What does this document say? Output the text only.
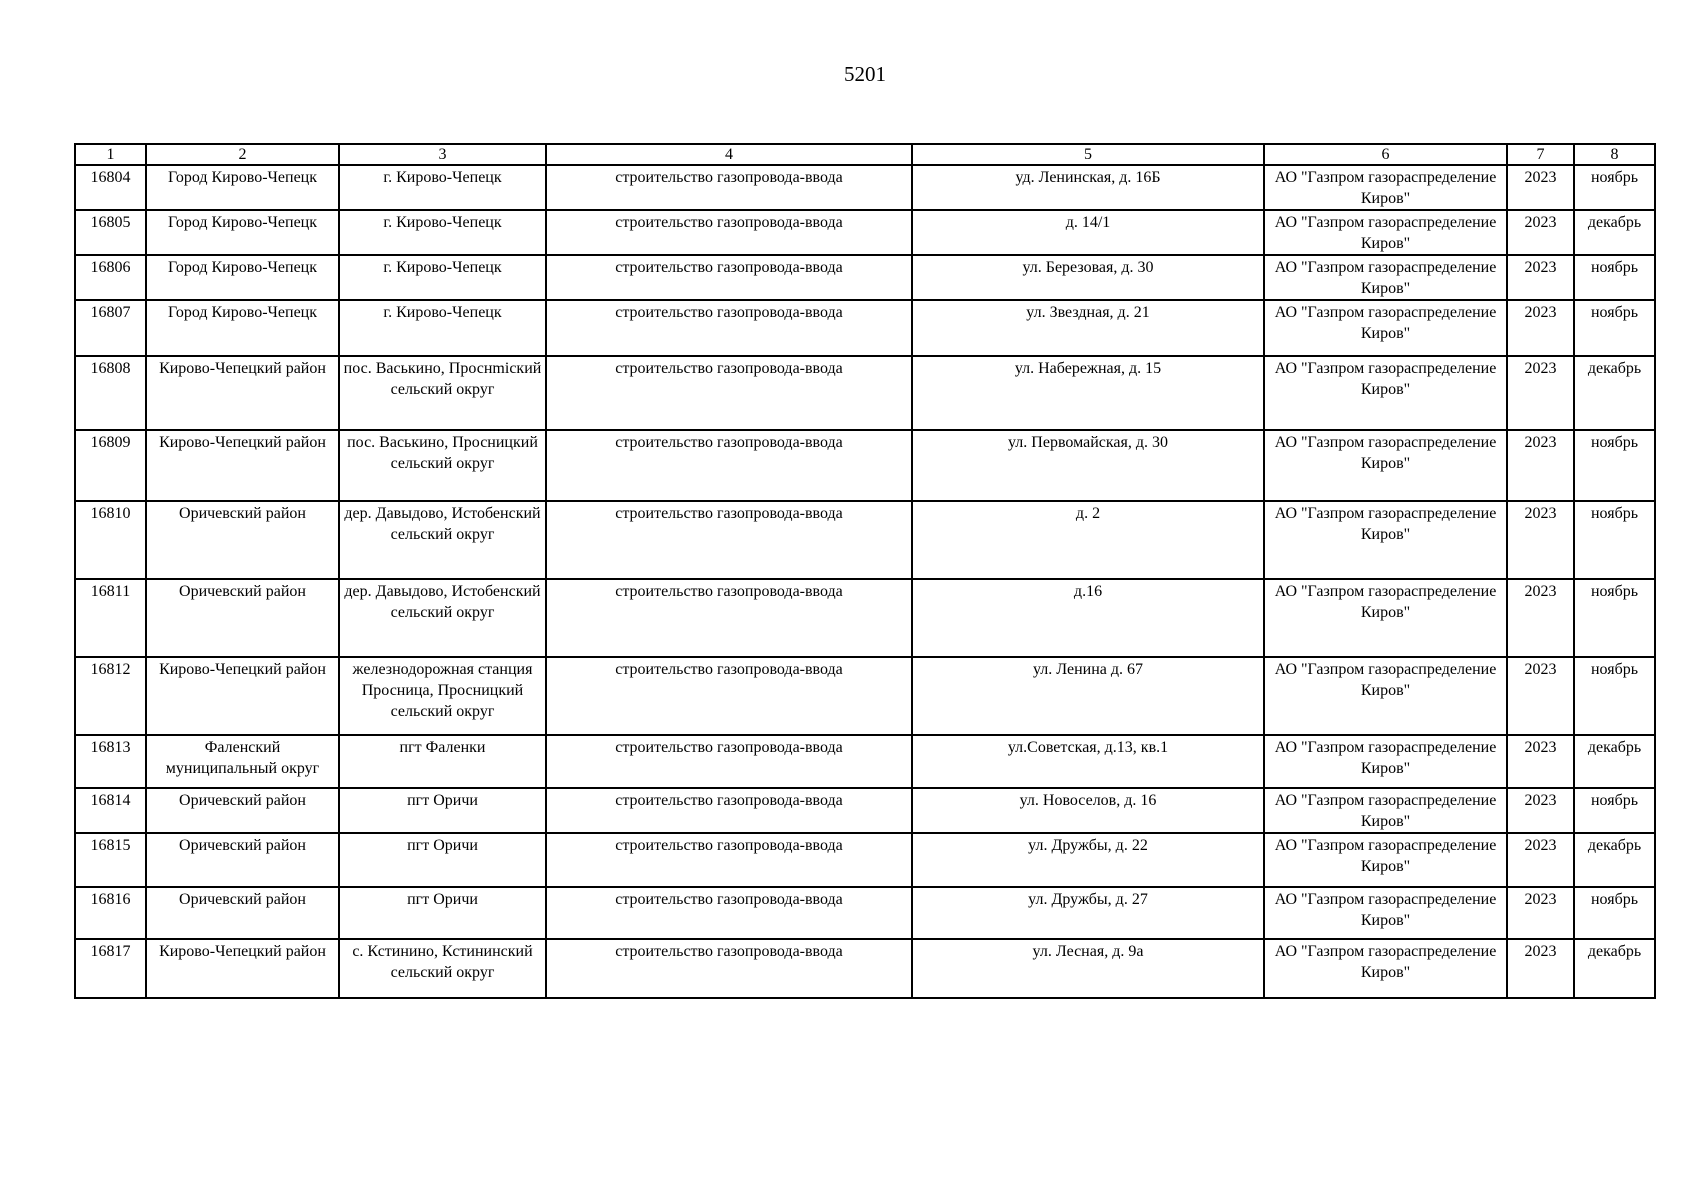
5201
1	2	3	4	5	6	7	8
16804	Город Кирово-Чепецк	г. Кирово-Чепецк	строительство газопровода-ввода	уд. Ленинская, д. 16Б	АО "Газпром газораспределение Киров"	2023	ноябрь
16805	Город Кирово-Чепецк	г. Кирово-Чепецк	строительство газопровода-ввода	д. 14/1	АО "Газпром газораспределение Киров"	2023	декабрь
16806	Город Кирово-Чепецк	г. Кирово-Чепецк	строительство газопровода-ввода	ул. Березовая, д. 30	АО "Газпром газораспределение Киров"	2023	ноябрь
16807	Город Кирово-Чепецк	г. Кирово-Чепецк	строительство газопровода-ввода	ул. Звездная, д. 21	АО "Газпром газораспределение Киров"	2023	ноябрь
16808	Кирово-Чепецкий район	пос. Васькино, Проснmicкий сельский округ	строительство газопровода-ввода	ул. Набережная, д. 15	АО "Газпром газораспределение Киров"	2023	декабрь
16809	Кирово-Чепецкий район	пос. Васькино, Просницкий сельский округ	строительство газопровода-ввода	ул. Первомайская, д. 30	АО "Газпром газораспределение Киров"	2023	ноябрь
16810	Оричевский район	дер. Давыдово, Истобенский сельский округ	строительство газопровода-ввода	д. 2	АО "Газпром газораспределение Киров"	2023	ноябрь
16811	Оричевский район	дер. Давыдово, Истобенский сельский округ	строительство газопровода-ввода	д.16	АО "Газпром газораспределение Киров"	2023	ноябрь
16812	Кирово-Чепецкий район	железнодорожная станция Просница, Просницкий сельский округ	строительство газопровода-ввода	ул. Ленина д. 67	АО "Газпром газораспределение Киров"	2023	ноябрь
16813	Фаленский муниципальный округ	пгт Фаленки	строительство газопровода-ввода	ул.Советская, д.13, кв.1	АО "Газпром газораспределение Киров"	2023	декабрь
16814	Оричевский район	пгт Оричи	строительство газопровода-ввода	ул. Новоселов, д. 16	АО "Газпром газораспределение Киров"	2023	ноябрь
16815	Оричевский район	пгт Оричи	строительство газопровода-ввода	ул. Дружбы, д. 22	АО "Газпром газораспределение Киров"	2023	декабрь
16816	Оричевский район	пгт Оричи	строительство газопровода-ввода	ул. Дружбы, д. 27	АО "Газпром газораспределение Киров"	2023	ноябрь
16817	Кирово-Чепецкий район	с. Кстинино, Кстининский сельский округ	строительство газопровода-ввода	ул. Лесная, д. 9а	АО "Газпром газораспределение Киров"	2023	декабрь
